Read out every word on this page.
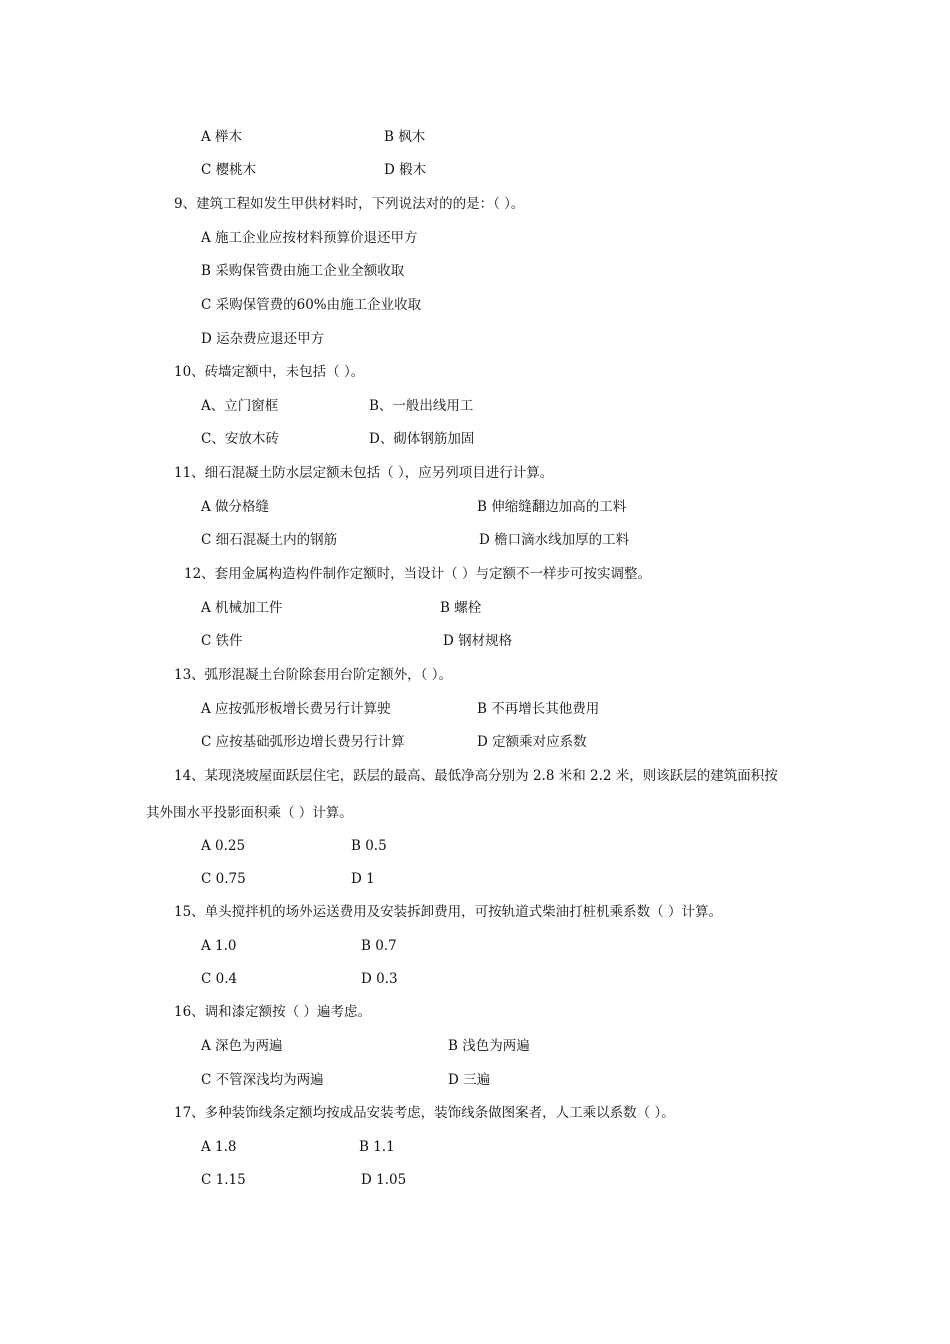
A 榉木	B 枫木
C 樱桃木	D 椴木
9、建筑工程如发生甲供材料时，下列说法对的的是：（ ）。
A 施工企业应按材料预算价退还甲方
B 采购保管费由施工企业全额收取
C 采购保管费的60%由施工企业收取
D 运杂费应退还甲方
10、砖墙定额中，未包括（ ）。
A、立门窗框	B、一般出线用工
C、安放木砖	D、砌体钢筋加固
11、细石混凝土防水层定额未包括（ ），应另列项目进行计算。
A 做分格缝	B 伸缩缝翻边加高的工料
C 细石混凝土内的钢筋	D 檐口滴水线加厚的工料
12、套用金属构造构件制作定额时，当设计（ ）与定额不一样步可按实调整。
A 机械加工件	B 螺栓
C 铁件	D 钢材规格
13、弧形混凝土台阶除套用台阶定额外，（ ）。
A 应按弧形板增长费另行计算驶	B 不再增长其他费用
C 应按基础弧形边增长费另行计算	D 定额乘对应系数
14、某现浇坡屋面跃层住宅，跃层的最高、最低净高分别为 2.8 米和 2.2 米，则该跃层的建筑面积按
其外围水平投影面积乘（ ）计算。
A 0.25	B 0.5
C 0.75	D 1
15、单头搅拌机的场外运送费用及安装拆卸费用，可按轨道式柴油打桩机乘系数（ ）计算。
A 1.0	B 0.7
C 0.4	D 0.3
16、调和漆定额按（ ）遍考虑。
A 深色为两遍	B 浅色为两遍
C 不管深浅均为两遍	D 三遍
17、多种装饰线条定额均按成品安装考虑，装饰线条做图案者，人工乘以系数（ ）。
A 1.8	B 1.1
C 1.15	D 1.05
